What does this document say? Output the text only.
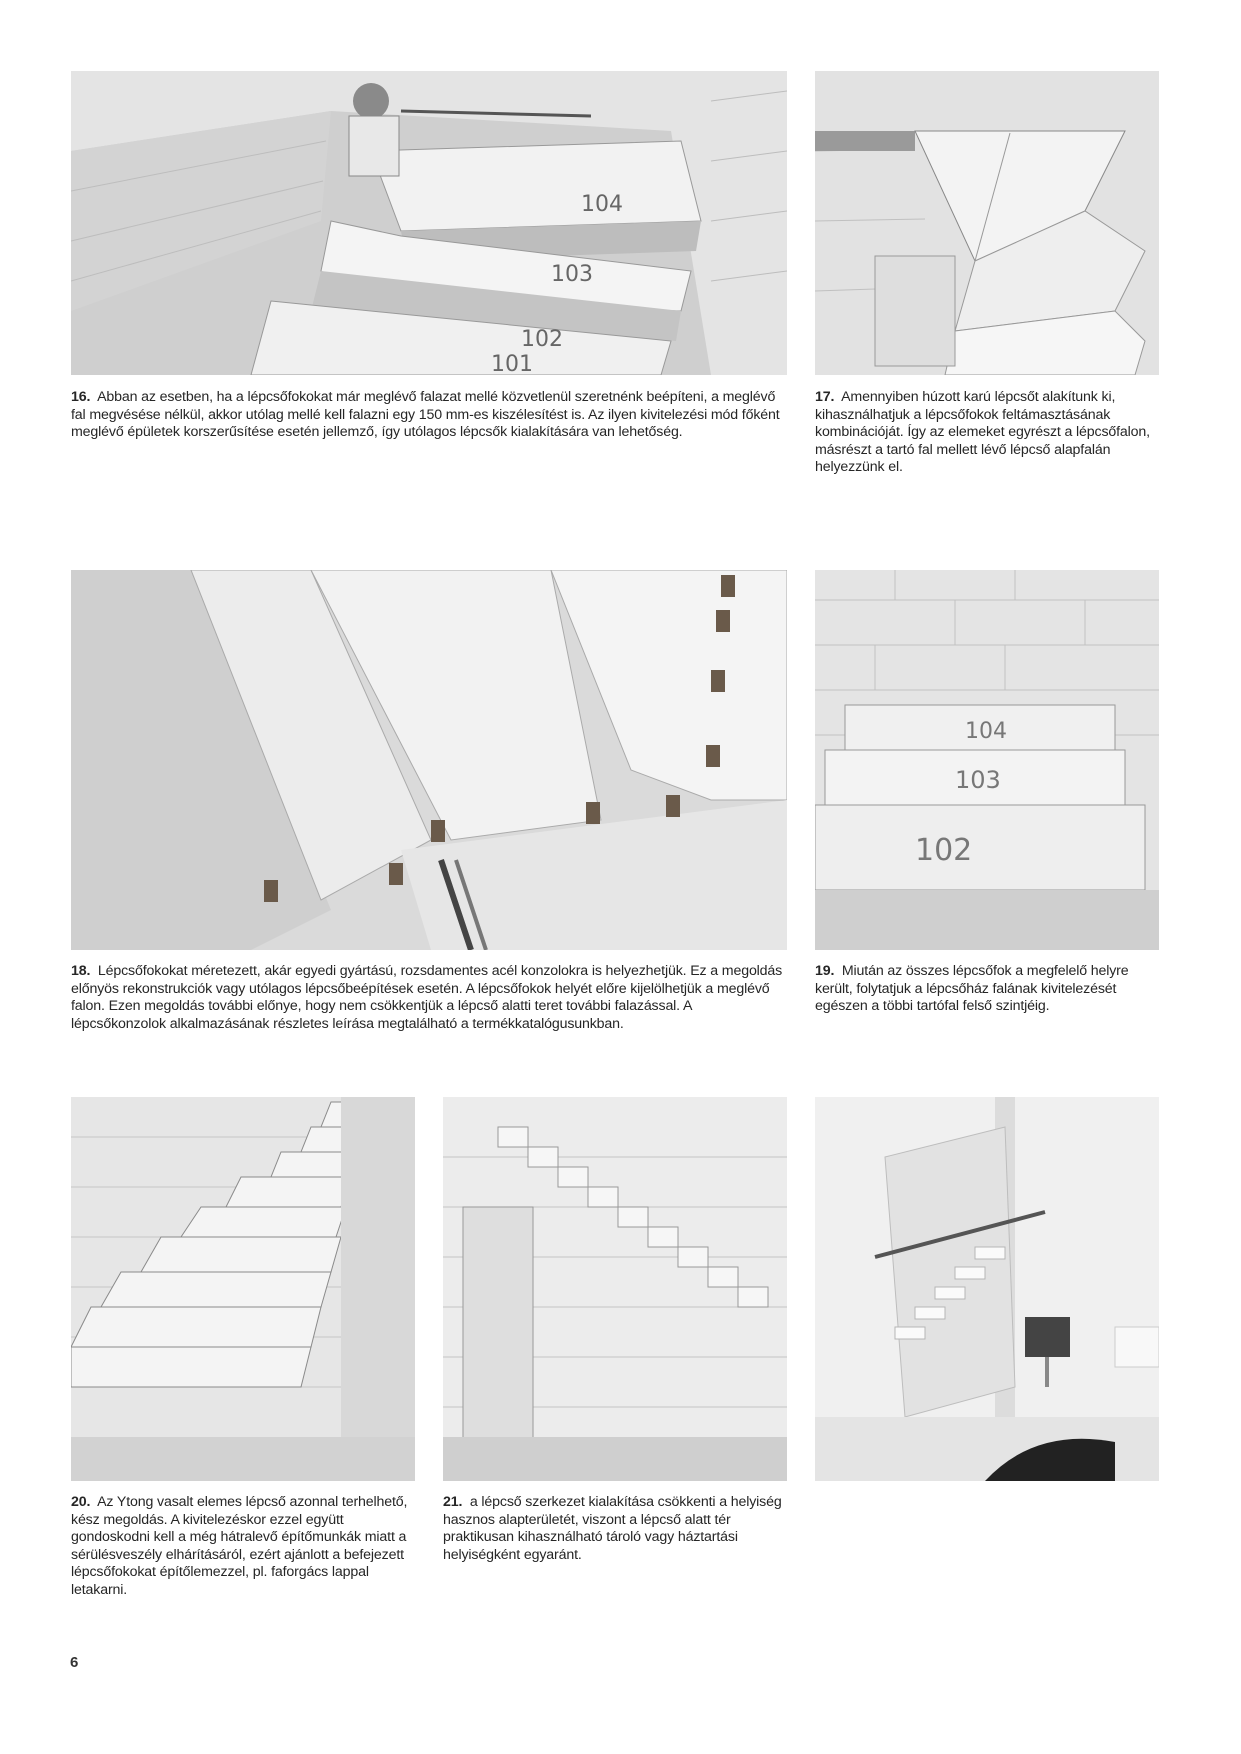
104
103
102
101
104
103
102
16. Abban az esetben, ha a lépcsőfokokat már meglévő falazat mellé közvetlenül szeretnénk beépíteni, a meglévő fal megvésése nélkül, akkor utólag mellé kell falazni egy 150 mm-es kiszélesítést is. Az ilyen kivitelezési mód főként meglévő épületek korszerűsítése esetén jellemző, így utólagos lépcsők kialakítására van lehetőség.
17. Amennyiben húzott karú lépcsőt alakítunk ki, kihasználhatjuk a lépcsőfokok feltámasztásának kombinációját. Így az elemeket egyrészt a lépcsőfalon, másrészt a tartó fal mellett lévő lépcső alapfalán helyezzünk el.
18. Lépcsőfokokat méretezett, akár egyedi gyártású, rozsdamentes acél konzolokra is helyezhetjük. Ez a megoldás előnyös rekonstrukciók vagy utólagos lépcsőbeépítések esetén. A lépcsőfokok helyét előre kijelölhetjük a meglévő falon. Ezen megoldás további előnye, hogy nem csökkentjük a lépcső alatti teret további falazással. A lépcsőkonzolok alkalmazásának részletes leírása megtalálható a termékkatalógusunkban.
19. Miután az összes lépcsőfok a megfelelő helyre került, folytatjuk a lépcsőház falának kivitelezését egészen a többi tartófal felső szintjéig.
20. Az Ytong vasalt elemes lépcső azonnal terhelhető, kész megoldás. A kivitelezéskor ezzel együtt gondoskodni kell a még hátralevő építőmunkák miatt a sérülésveszély elhárításáról, ezért ajánlott a befejezett lépcsőfokokat építőlemezzel, pl. faforgács lappal letakarni.
21. a lépcső szerkezet kialakítása csökkenti a helyiség hasznos alapterületét, viszont a lépcső alatt tér praktikusan kihasználható tároló vagy háztartási helyiségként egyaránt.
6
